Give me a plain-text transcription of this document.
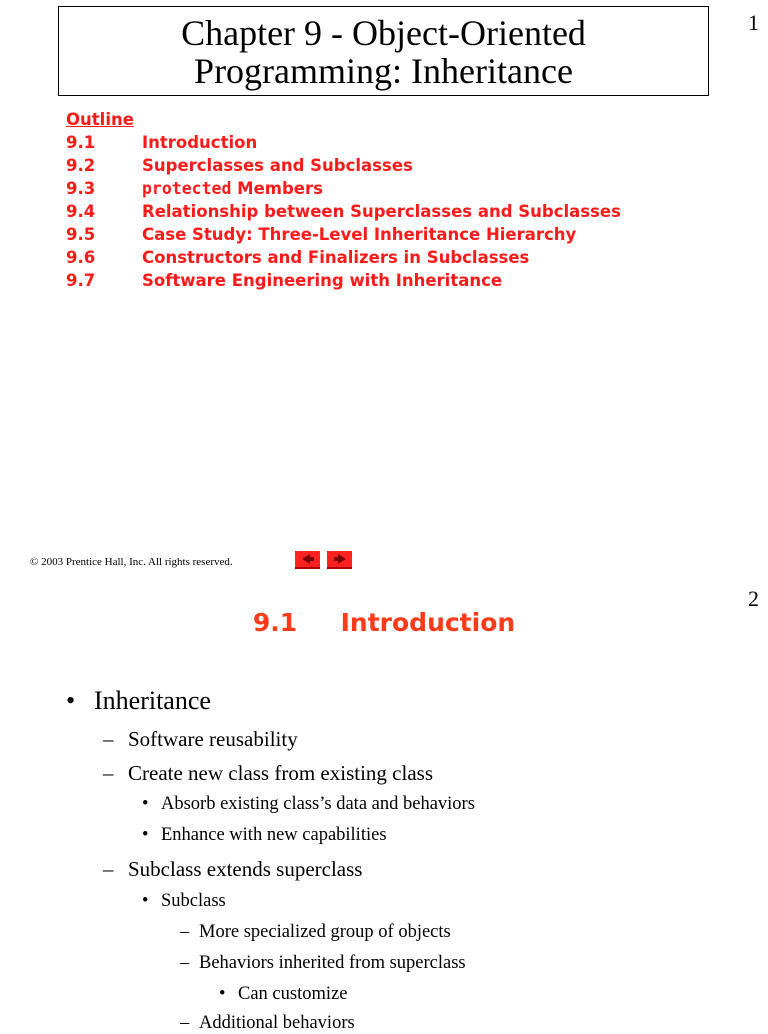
1
Chapter 9 - Object-Oriented
Programming: Inheritance
Outline
9.1	Introduction
9.2	Superclasses and Subclasses
9.3	protected Members
9.4	Relationship between Superclasses and Subclasses
9.5	Case Study: Three-Level Inheritance Hierarchy
9.6	Constructors and Finalizers in Subclasses
9.7	Software Engineering with Inheritance
© 2003 Prentice Hall, Inc. All rights reserved.
2
9.1     Introduction
• Inheritance
– Software reusability
– Create new class from existing class
• Absorb existing class’s data and behaviors
• Enhance with new capabilities
– Subclass extends superclass
• Subclass
– More specialized group of objects
– Behaviors inherited from superclass
• Can customize
– Additional behaviors
